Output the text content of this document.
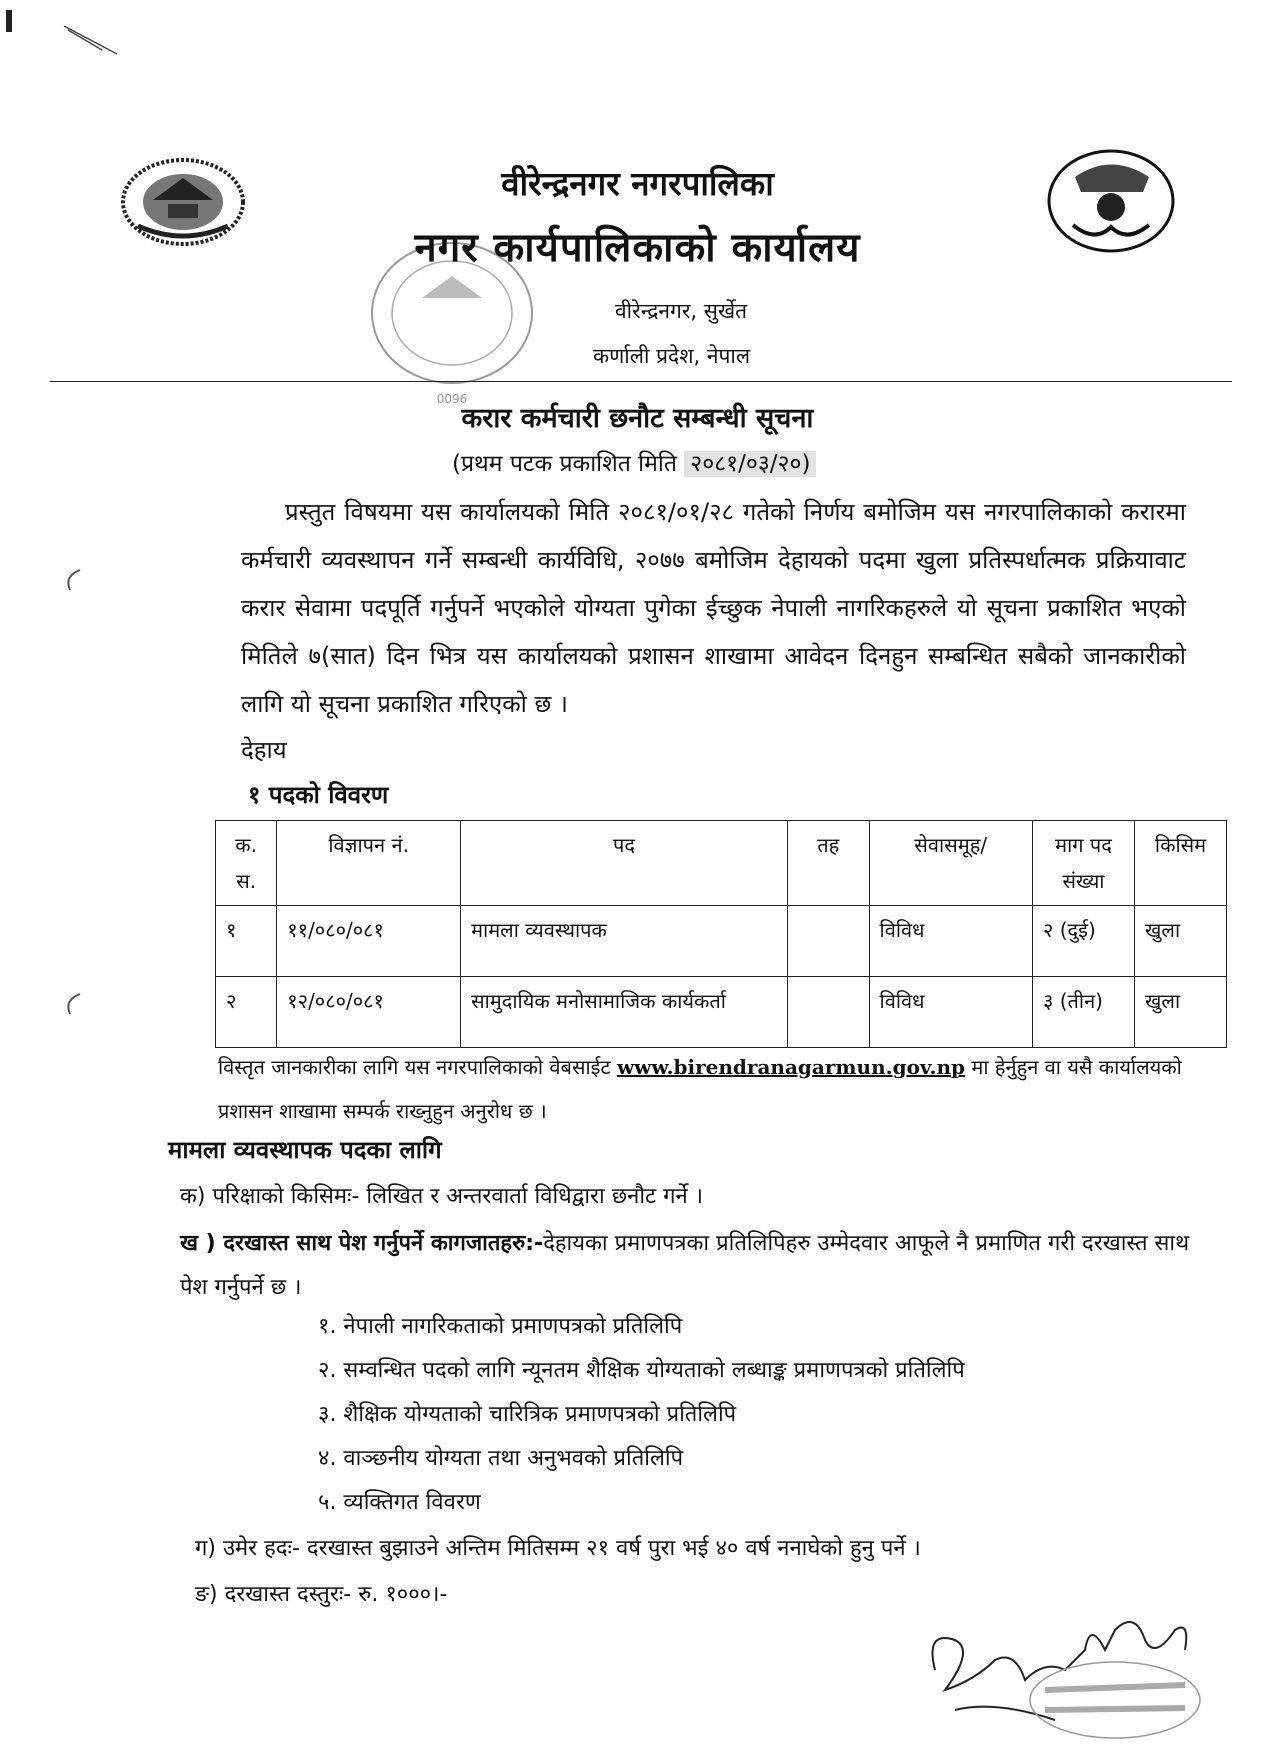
0096
वीरेन्द्रनगर नगरपालिका
नगर कार्यपालिकाको कार्यालय
वीरेन्द्रनगर, सुर्खेत
कर्णाली प्रदेश, नेपाल
करार कर्मचारी छनौट सम्बन्धी सूचना
(प्रथम पटक प्रकाशित मिति २०८१/०३/२०)
प्रस्तुत विषयमा यस कार्यालयको मिति २०८१/०१/२८ गतेको निर्णय बमोजिम यस नगरपालिकाको करारमा कर्मचारी व्यवस्थापन गर्ने सम्बन्धी कार्यविधि, २०७७ बमोजिम देहायको पदमा खुला प्रतिस्पर्धात्मक प्रक्रियावाट करार सेवामा पदपूर्ति गर्नुपर्ने भएकोले योग्यता पुगेका ईच्छुक नेपाली नागरिकहरुले यो सूचना प्रकाशित भएको मितिले ७(सात) दिन भित्र यस कार्यालयको प्रशासन शाखामा आवेदन दिनहुन सम्बन्धित सबैको जानकारीको लागि यो सूचना प्रकाशित गरिएको छ ।
देहाय
१ पदको विवरण
क. स.	विज्ञापन नं.	पद	तह	सेवासमूह/	माग पद संख्या	किसिम
१	११/०८०/०८१	मामला व्यवस्थापक		विविध	२ (दुई)	खुला
२	१२/०८०/०८१	सामुदायिक मनोसामाजिक कार्यकर्ता		विविध	३ (तीन)	खुला
विस्तृत जानकारीका लागि यस नगरपालिकाको वेबसाईट www.birendranagarmun.gov.np मा हेर्नुहुन वा यसै कार्यालयको प्रशासन शाखामा सम्पर्क राख्नुहुन अनुरोध छ ।
मामला व्यवस्थापक पदका लागि
क) परिक्षाको किसिमः- लिखित र अन्तरवार्ता विधिद्वारा छनौट गर्ने ।
ख ) दरखास्त साथ पेश गर्नुपर्ने कागजातहरु:-देहायका प्रमाणपत्रका प्रतिलिपिहरु उम्मेदवार आफूले नै प्रमाणित गरी दरखास्त साथ पेश गर्नुपर्ने छ ।
१. नेपाली नागरिकताको प्रमाणपत्रको प्रतिलिपि
२. सम्वन्धित पदको लागि न्यूनतम शैक्षिक योग्यताको लब्धाङ्क प्रमाणपत्रको प्रतिलिपि
३. शैक्षिक योग्यताको चारित्रिक प्रमाणपत्रको प्रतिलिपि
४. वाञ्छनीय योग्यता तथा अनुभवको प्रतिलिपि
५. व्यक्तिगत विवरण
ग) उमेर हदः- दरखास्त बुझाउने अन्तिम मितिसम्म २१ वर्ष पुरा भई ४० वर्ष ननाघेको हुनु पर्ने ।
ङ) दरखास्त दस्तुरः- रु. १०००।-
